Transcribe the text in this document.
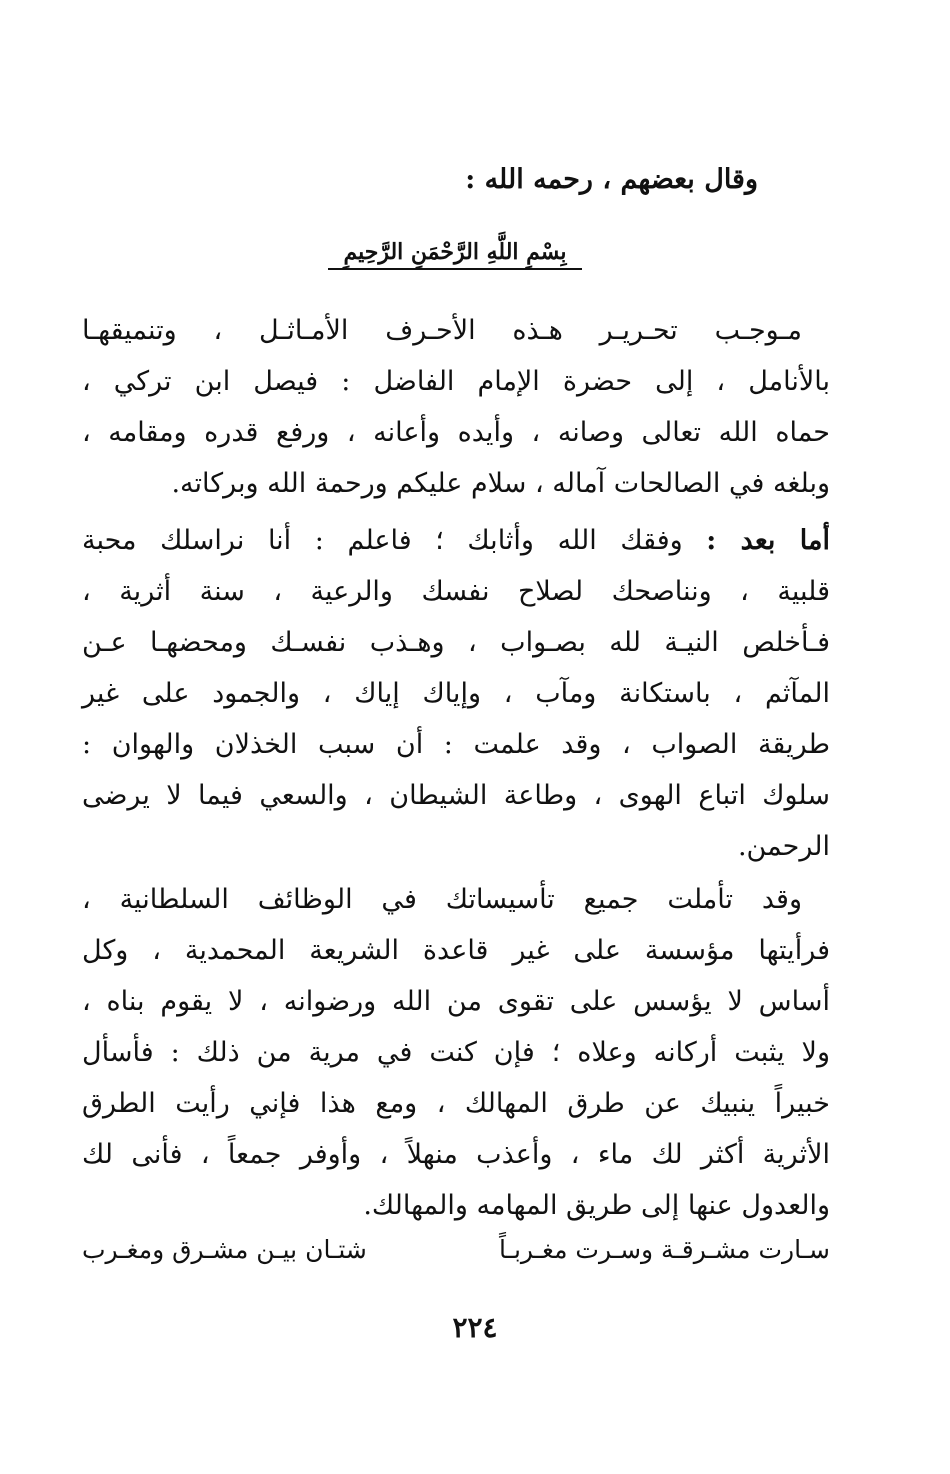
وقال بعضهم ، رحمه الله :
بِسْمِ اللَّهِ الرَّحْمَنِ الرَّحِيمِ
مـوجـب تحـريـر هـذه الأحـرف الأمـاثـل ، وتنميقهـا
بالأنامل ، إلى حضرة الإمام الفاضل : فيصل ابن تركي ،
حماه الله تعالى وصانه ، وأيده وأعانه ، ورفع قدره ومقامه ،
وبلغه في الصالحات آماله ، سلام عليكم ورحمة الله وبركاته.
أما بعد : وفقك الله وأثابك ؛ فاعلم : أنا نراسلك محبة
قلبية ، ونناصحك لصلاح نفسك والرعية ، سنة أثرية ،
فـأخلص النيـة لله بصـواب ، وهـذب نفسـك ومحضهـا عـن
المآثم ، باستكانة ومآب ، وإياك إياك ، والجمود على غير
طريقة الصواب ، وقد علمت : أن سبب الخذلان والهوان :
سلوك اتباع الهوى ، وطاعة الشيطان ، والسعي فيما لا يرضى
الرحمن.
وقد تأملت جميع تأسيساتك في الوظائف السلطانية ،
فرأيتها مؤسسة على غير قاعدة الشريعة المحمدية ، وكل
أساس لا يؤسس على تقوى من الله ورضوانه ، لا يقوم بناه ،
ولا يثبت أركانه وعلاه ؛ فإن كنت في مرية من ذلك : فأسأل
خبيراً ينبيك عن طرق المهالك ، ومع هذا فإني رأيت الطرق
الأثرية أكثر لك ماء ، وأعذب منهلاً ، وأوفر جمعاً ، فأنى لك
والعدول عنها إلى طريق المهامه والمهالك.
سـارت مشـرقـة وسـرت مغـربـاً
شتـان بيـن مشـرق ومغـرب
٢٢٤
